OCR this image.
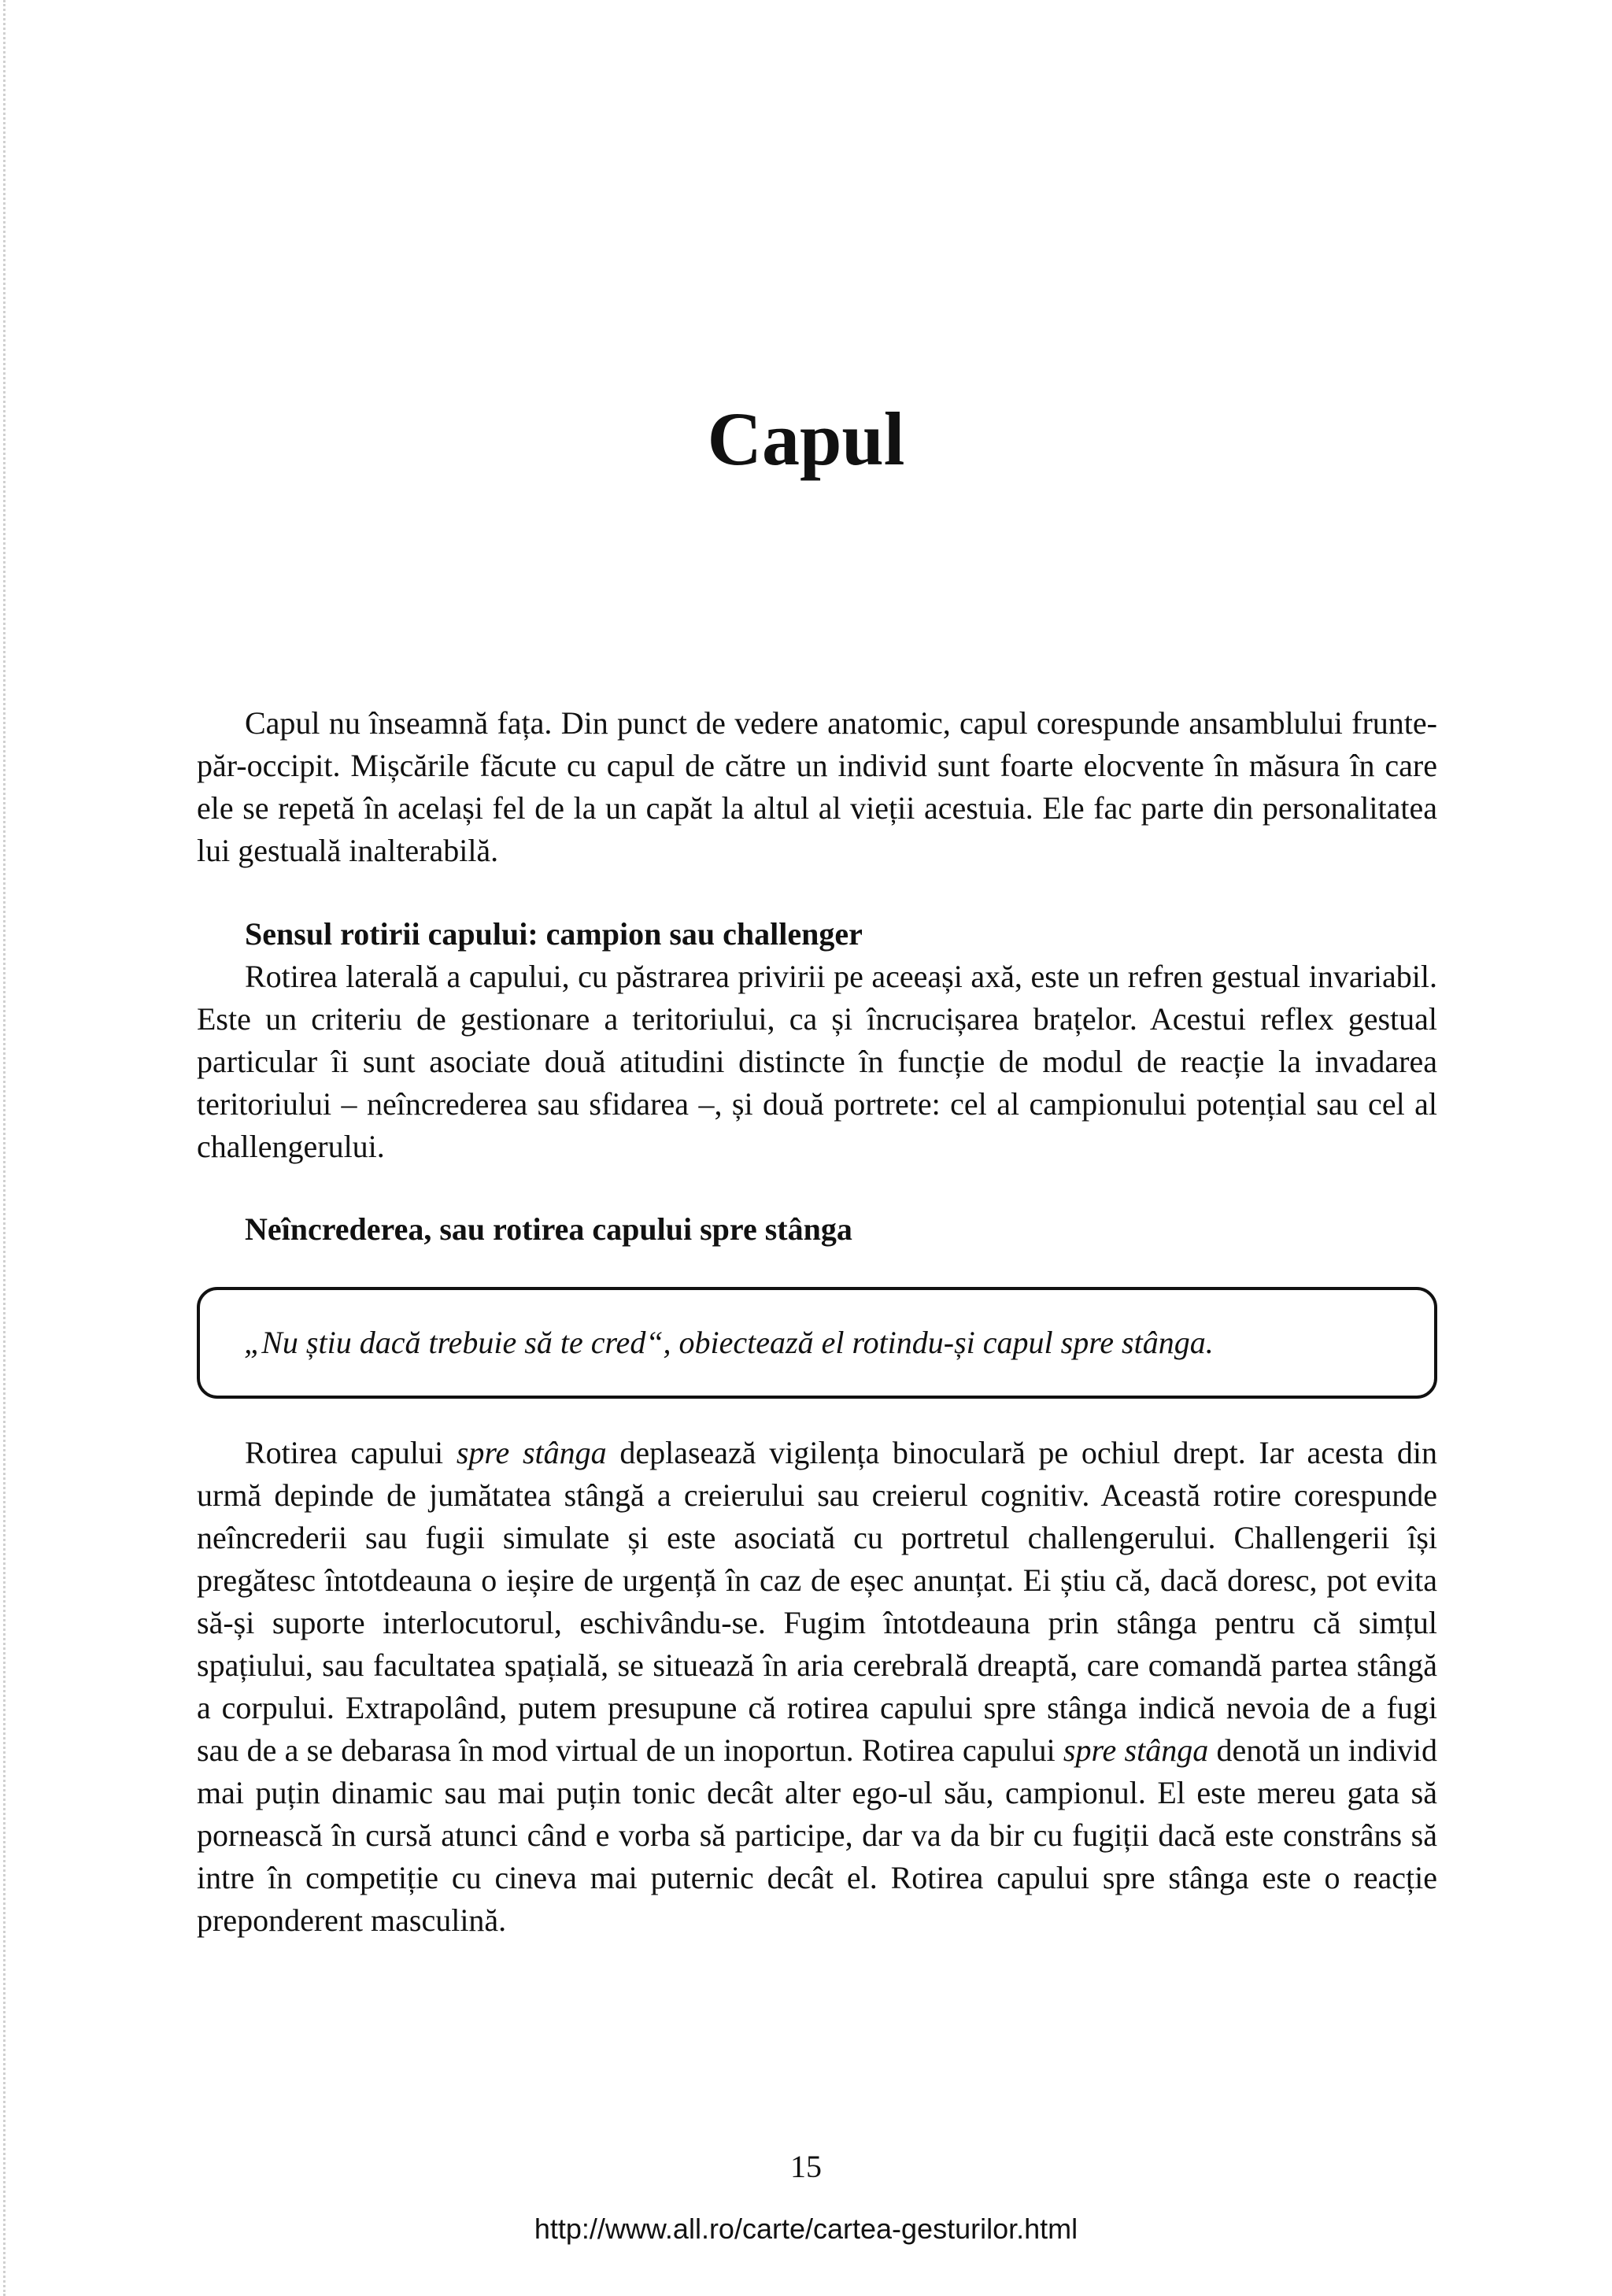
Capul

Capul nu înseamnă fața. Din punct de vedere anatomic, capul corespunde ansamblului frunte-păr-occipit. Mișcările făcute cu capul de către un individ sunt foarte elocvente în măsura în care ele se repetă în același fel de la un capăt la altul al vieții acestuia. Ele fac parte din personalitatea lui gestuală inalterabilă.

Sensul rotirii capului: campion sau challenger

Rotirea laterală a capului, cu păstrarea privirii pe aceeași axă, este un refren gestual invariabil. Este un criteriu de gestionare a teritoriului, ca și încrucișarea brațelor. Acestui reflex gestual particular îi sunt asociate două atitudini distincte în funcție de modul de reacție la invadarea teritoriului – neîncrederea sau sfidarea –, și două portrete: cel al campionului potențial sau cel al challengerului.

Neîncrederea, sau rotirea capului spre stânga

„Nu știu dacă trebuie să te cred“, obiectează el rotindu-și capul spre stânga.

Rotirea capului spre stânga deplasează vigilența binoculară pe ochiul drept. Iar acesta din urmă depinde de jumătatea stângă a creierului sau creierul cognitiv. Această rotire corespunde neîncrederii sau fugii simulate și este asociată cu portretul challengerului. Challengerii își pregătesc întotdeauna o ieșire de urgență în caz de eșec anunțat. Ei știu că, dacă doresc, pot evita să-și suporte interlocutorul, eschivându-se. Fugim întotdeauna prin stânga pentru că simțul spațiului, sau facultatea spațială, se situează în aria cerebrală dreaptă, care comandă partea stângă a corpului. Extrapolând, putem presupune că rotirea capului spre stânga indică nevoia de a fugi sau de a se debarasa în mod virtual de un inoportun. Rotirea capului spre stânga denotă un individ mai puțin dinamic sau mai puțin tonic decât alter ego-ul său, campionul. El este mereu gata să pornească în cursă atunci când e vorba să participe, dar va da bir cu fugiții dacă este constrâns să intre în competiție cu cineva mai puternic decât el. Rotirea capului spre stânga este o reacție preponderent masculină.

15
http://www.all.ro/carte/cartea-gesturilor.html
